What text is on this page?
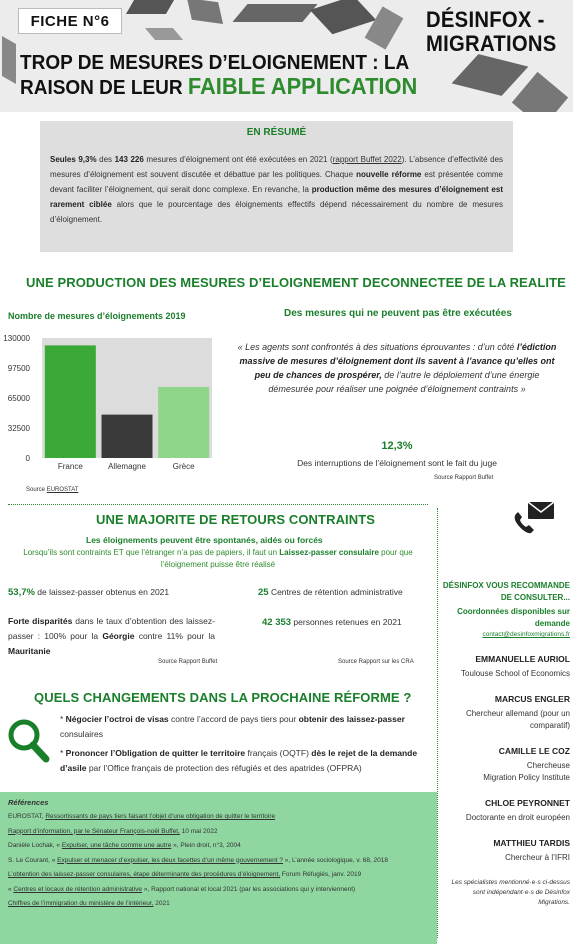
FICHE N°6	DÉSINFOX -
MIGRATIONS
TROP DE MESURES D’ELOIGNEMENT : LA
RAISON DE LEUR FAIBLE APPLICATION
EN RÉSUMÉ
Seules 9,3% des 143 226 mesures d’éloignement ont été exécutées en 2021 (rapport Buffet 2022). L’absence d’effectivité des mesures d’éloignement est souvent discutée et débattue par les politiques. Chaque nouvelle réforme est présentée comme devant faciliter l’éloignement, qui serait donc complexe. En revanche, la production même des mesures d’éloignement est rarement ciblée alors que le pourcentage des éloignements effectifs dépend nécessairement du nombre de mesures d’éloignement.
UNE PRODUCTION DES MESURES D’ELOIGNEMENT DECONNECTEE DE LA REALITE
Nombre de mesures d’éloignements 2019	Des mesures qui ne peuvent pas être exécutées
0
32500
65000
97500
130000
France	Allemagne	Grèce
Source EUROSTAT
« Les agents sont confrontés à des situations éprouvantes : d’un côté l’édiction massive de mesures d’éloignement dont ils savent à l’avance qu’elles ont peu de chances de prospérer, de l’autre le déploiement d’une énergie démesurée pour réaliser une poignée d’éloignement contraints »
12,3%
Des interruptions de l’éloignement sont le fait du juge
Source Rapport Buffet
UNE MAJORITE DE RETOURS CONTRAINTS
Les éloignements peuvent être spontanés, aidés ou forcés
Lorsqu’ils sont contraints ET que l’étranger n’a pas de papiers, il faut un Laissez-passer consulaire pour que l’éloignement puisse être réalisé
53,7% de laissez-passer obtenus en 2021	25 Centres de rétention administrative
42 353 personnes retenues en 2021
Forte disparités dans le taux d’obtention des laissez-passer : 100% pour la Géorgie contre 11% pour la Mauritanie
Source Rapport Buffet	Source Rapport sur les CRA
QUELS CHANGEMENTS DANS LA PROCHAINE RÉFORME ?
* Négocier l’octroi de visas contre l’accord de pays tiers pour obtenir des laissez-passer consulaires
* Prononcer l’Obligation de quitter le territoire français (OQTF) dès le rejet de la demande d’asile par l’Office français de protection des réfugiés et des apatrides (OFPRA)
Références
EUROSTAT, Ressortissants de pays tiers faisant l’objet d’une obligation de quitter le territoire
Rapport d’information, par le Sénateur François-noël Buffet, 10 mai 2022
Danièle Lochak, « Expulser, une tâche comme une autre », Plein droit, n°3, 2004
S. Le Courant, « Expulser et menacer d’expulser, les deux facettes d’un même gouvernement ? », L’année sociologique, v. 68, 2018
L’obtention des laissez-passer consulaires, étape déterminante des procédures d’éloignement, Forum Réfugiés, janv. 2019
« Centres et locaux de rétention administrative », Rapport national et local 2021 (par les associations qui y interviennent)
Chiffres de l’immigration du ministère de l’intérieur, 2021
DÉSINFOX VOUS RECOMMANDE
DE CONSULTER...
Coordonnées disponibles sur
demande
contact@desinfoxmigrations.fr
EMMANUELLE AURIOL
Toulouse School of Economics
MARCUS ENGLER
Chercheur allemand (pour un
comparatif)
CAMILLE LE COZ
Chercheuse
Migration Policy Institute
CHLOE PEYRONNET
Doctorante en droit européen
MATTHIEU TARDIS
Chercheur à l’IFRI
Les spécialistes mentionné·e·s ci-dessus
sont indépendant·e·s de Désinfox
Migrations.
